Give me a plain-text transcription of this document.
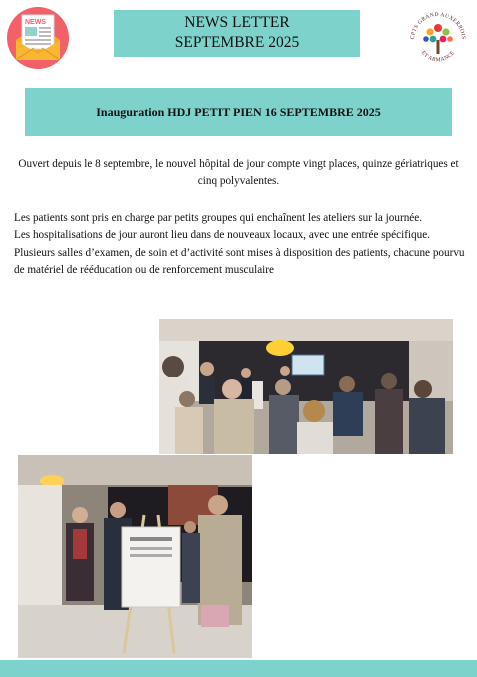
NEWS	NEWS LETTER
SEPTEMBRE 2025	CPTS GRAND AUXERROIS
ET ARMANCE
Inauguration HDJ PETIT PIEN 16 SEPTEMBRE 2025

Ouvert depuis le 8 septembre, le nouvel hôpital de jour compte vingt places, quinze gériatriques et cinq polyvalentes.

Les patients sont pris en charge par petits groupes qui enchaînent les ateliers sur la journée.

Les hospitalisations de jour auront lieu dans de nouveaux locaux, avec une entrée spécifique.

Plusieurs salles d’examen, de soin et d’activité sont mises à disposition des patients, chacune pourvu de matériel de rééducation ou de renforcement musculaire
